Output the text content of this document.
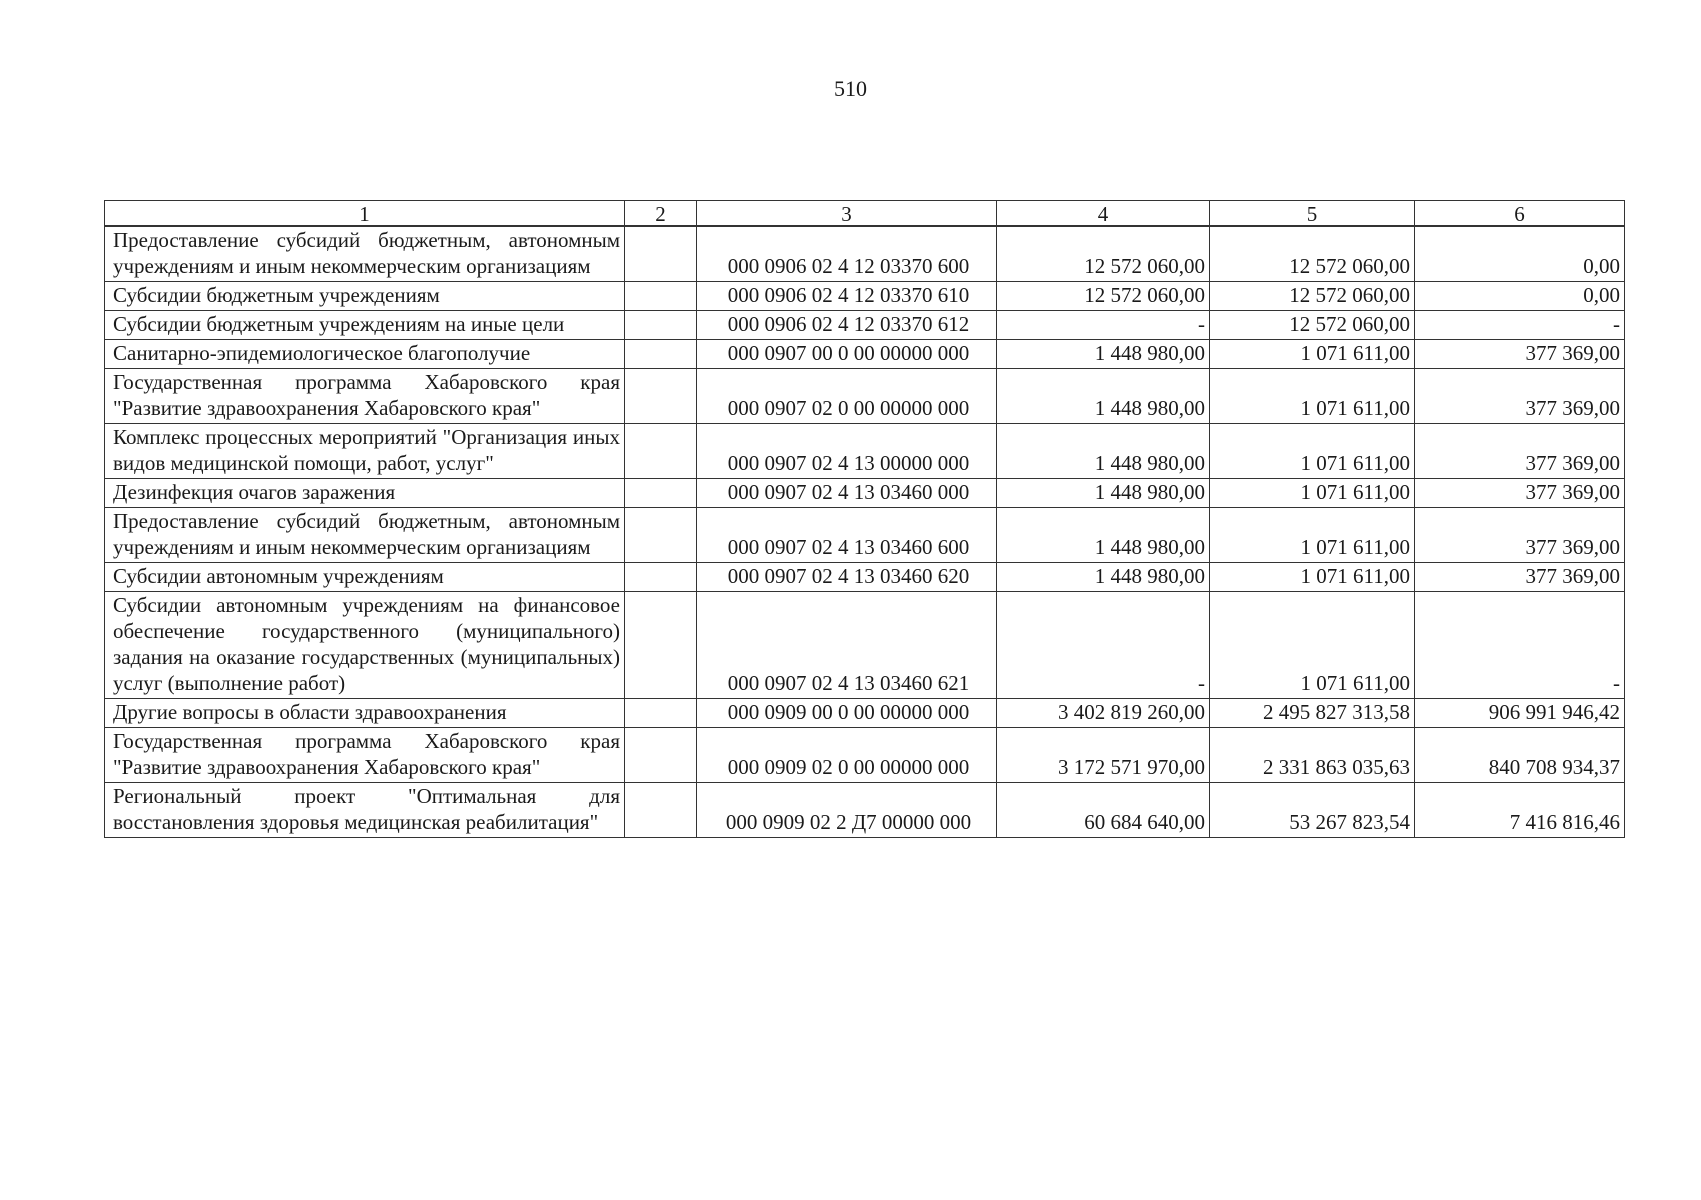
510
1	2	3	4	5	6
Предоставление субсидий бюджетным, автономным учреждениям и иным некоммерческим организациям		000 0906 02 4 12 03370 600	12 572 060,00	12 572 060,00	0,00
Субсидии бюджетным учреждениям		000 0906 02 4 12 03370 610	12 572 060,00	12 572 060,00	0,00
Субсидии бюджетным учреждениям на иные цели		000 0906 02 4 12 03370 612	-	12 572 060,00	-
Санитарно-эпидемиологическое благополучие		000 0907 00 0 00 00000 000	1 448 980,00	1 071 611,00	377 369,00
Государственная программа Хабаровского края "Развитие здравоохранения Хабаровского края"		000 0907 02 0 00 00000 000	1 448 980,00	1 071 611,00	377 369,00
Комплекс процессных мероприятий "Организация иных видов медицинской помощи, работ, услуг"		000 0907 02 4 13 00000 000	1 448 980,00	1 071 611,00	377 369,00
Дезинфекция очагов заражения		000 0907 02 4 13 03460 000	1 448 980,00	1 071 611,00	377 369,00
Предоставление субсидий бюджетным, автономным учреждениям и иным некоммерческим организациям		000 0907 02 4 13 03460 600	1 448 980,00	1 071 611,00	377 369,00
Субсидии автономным учреждениям		000 0907 02 4 13 03460 620	1 448 980,00	1 071 611,00	377 369,00
Субсидии автономным учреждениям на финансовое обеспечение государственного (муниципального) задания на оказание государственных (муниципальных) услуг (выполнение работ)		000 0907 02 4 13 03460 621	-	1 071 611,00	-
Другие вопросы в области здравоохранения		000 0909 00 0 00 00000 000	3 402 819 260,00	2 495 827 313,58	906 991 946,42
Государственная программа Хабаровского края "Развитие здравоохранения Хабаровского края"		000 0909 02 0 00 00000 000	3 172 571 970,00	2 331 863 035,63	840 708 934,37
Региональный проект "Оптимальная для восстановления здоровья медицинская реабилитация"		000 0909 02 2 Д7 00000 000	60 684 640,00	53 267 823,54	7 416 816,46
